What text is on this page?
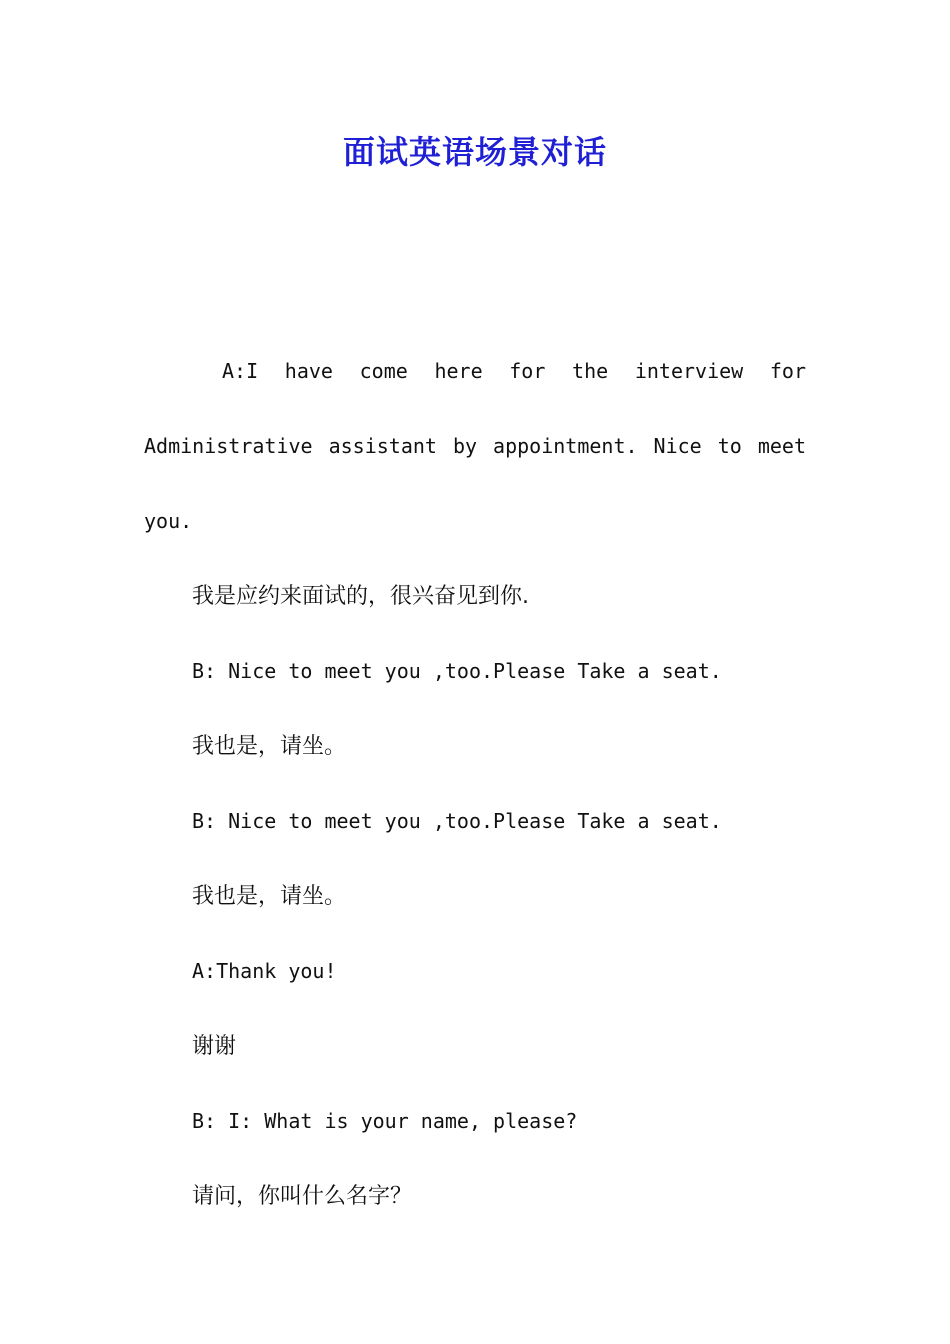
面试英语场景对话

A:I have come here for the interview for Administrative assistant by appointment. Nice to meet you.

我是应约来面试的，很兴奋见到你.

B: Nice to meet you ,too.Please Take a seat.

我也是，请坐。

B: Nice to meet you ,too.Please Take a seat.

我也是，请坐。

A:Thank you!

谢谢

B: I: What is your name, please?

请问，你叫什么名字？
